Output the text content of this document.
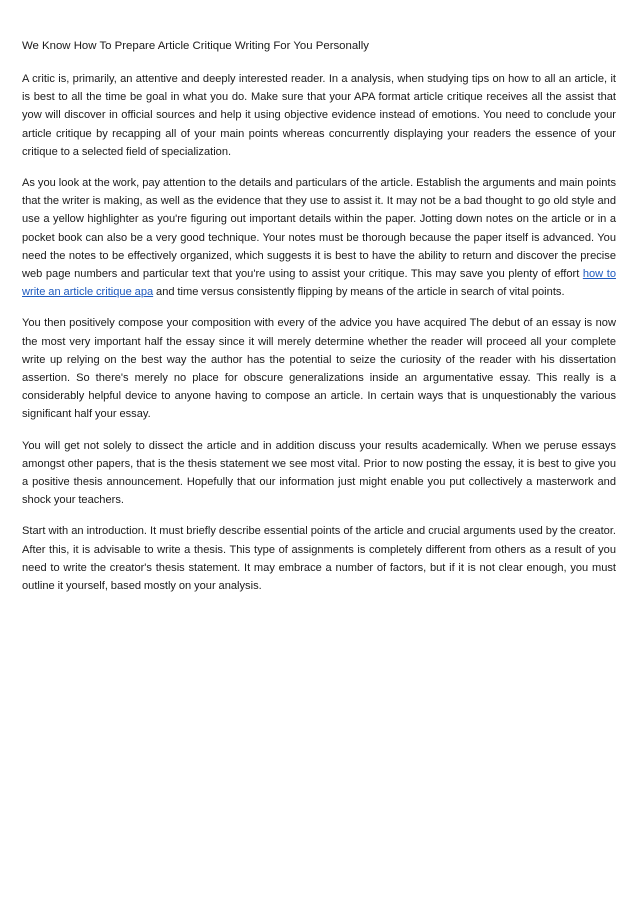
We Know How To Prepare Article Critique Writing For You Personally

A critic is, primarily, an attentive and deeply interested reader. In a analysis, when studying tips on how to all an article, it is best to all the time be goal in what you do. Make sure that your APA format article critique receives all the assist that yow will discover in official sources and help it using objective evidence instead of emotions. You need to conclude your article critique by recapping all of your main points whereas concurrently displaying your readers the essence of your critique to a selected field of specialization.

As you look at the work, pay attention to the details and particulars of the article. Establish the arguments and main points that the writer is making, as well as the evidence that they use to assist it. It may not be a bad thought to go old style and use a yellow highlighter as you're figuring out important details within the paper. Jotting down notes on the article or in a pocket book can also be a very good technique. Your notes must be thorough because the paper itself is advanced. You need the notes to be effectively organized, which suggests it is best to have the ability to return and discover the precise web page numbers and particular text that you're using to assist your critique. This may save you plenty of effort how to write an article critique apa and time versus consistently flipping by means of the article in search of vital points.

You then positively compose your composition with every of the advice you have acquired The debut of an essay is now the most very important half the essay since it will merely determine whether the reader will proceed all your complete write up relying on the best way the author has the potential to seize the curiosity of the reader with his dissertation assertion. So there's merely no place for obscure generalizations inside an argumentative essay. This really is a considerably helpful device to anyone having to compose an article. In certain ways that is unquestionably the various significant half your essay.

You will get not solely to dissect the article and in addition discuss your results academically. When we peruse essays amongst other papers, that is the thesis statement we see most vital. Prior to now posting the essay, it is best to give you a positive thesis announcement. Hopefully that our information just might enable you put collectively a masterwork and shock your teachers.

Start with an introduction. It must briefly describe essential points of the article and crucial arguments used by the creator. After this, it is advisable to write a thesis. This type of assignments is completely different from others as a result of you need to write the creator's thesis statement. It may embrace a number of factors, but if it is not clear enough, you must outline it yourself, based mostly on your analysis.
